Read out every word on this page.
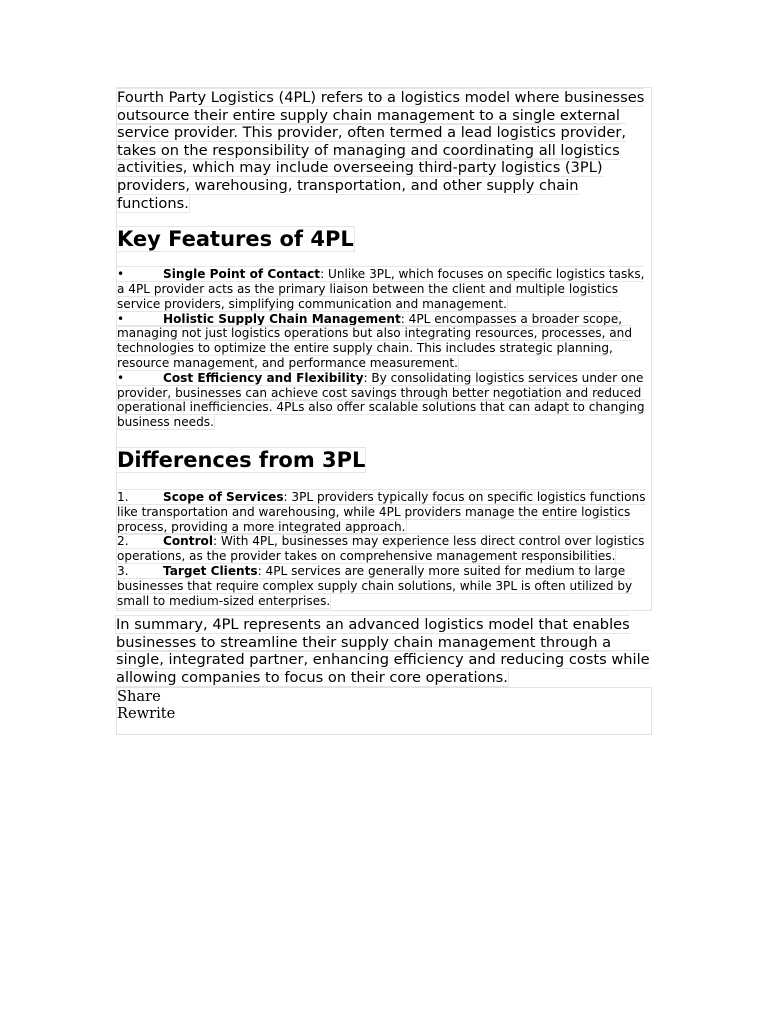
Fourth Party Logistics (4PL) refers to a logistics model where businesses outsource their entire supply chain management to a single external service provider. This provider, often termed a lead logistics provider, takes on the responsibility of managing and coordinating all logistics activities, which may include overseeing third-party logistics (3PL) providers, warehousing, transportation, and other supply chain functions.

Key Features of 4PL
•	Single Point of Contact: Unlike 3PL, which focuses on specific logistics tasks, a 4PL provider acts as the primary liaison between the client and multiple logistics service providers, simplifying communication and management.
•	Holistic Supply Chain Management: 4PL encompasses a broader scope, managing not just logistics operations but also integrating resources, processes, and technologies to optimize the entire supply chain. This includes strategic planning, resource management, and performance measurement.
•	Cost Efficiency and Flexibility: By consolidating logistics services under one provider, businesses can achieve cost savings through better negotiation and reduced operational inefficiencies. 4PLs also offer scalable solutions that can adapt to changing business needs.
Differences from 3PL
1.	Scope of Services: 3PL providers typically focus on specific logistics functions like transportation and warehousing, while 4PL providers manage the entire logistics process, providing a more integrated approach.
2.	Control: With 4PL, businesses may experience less direct control over logistics operations, as the provider takes on comprehensive management responsibilities.
3.	Target Clients: 4PL services are generally more suited for medium to large businesses that require complex supply chain solutions, while 3PL is often utilized by small to medium-sized enterprises.

In summary, 4PL represents an advanced logistics model that enables businesses to streamline their supply chain management through a single, integrated partner, enhancing efficiency and reducing costs while allowing companies to focus on their core operations.

Share
Rewrite
